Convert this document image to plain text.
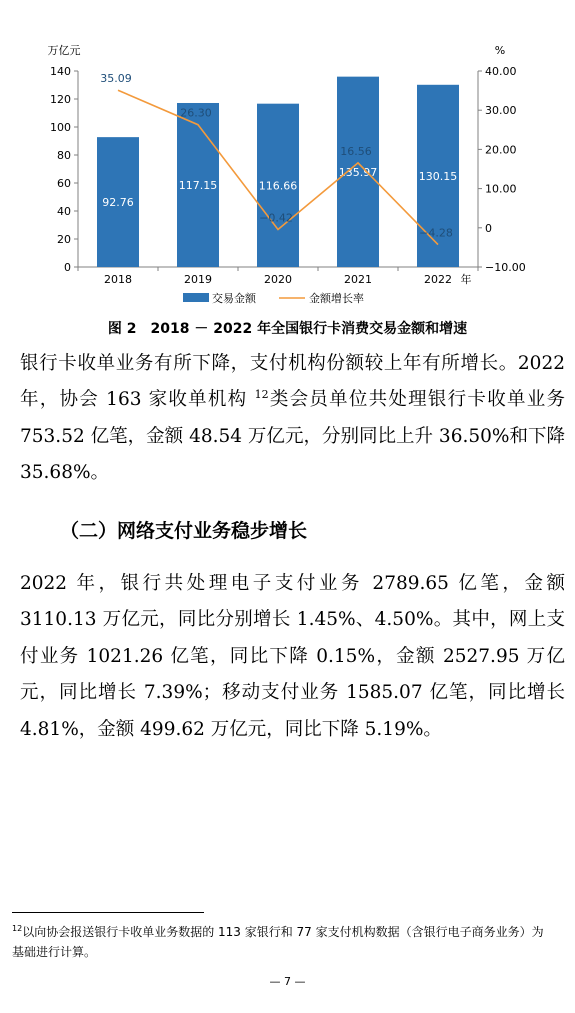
万亿元	%
0
20
40
60
80
100
120
140
−10.00
0
10.00
20.00
30.00
40.00
92.76
117.15	116.66
135.97	130.15
35.09
26.30
−0.42
16.56
−4.28
2018	2019	2020	2021	2022 年
交易金额	金额增长率
图 2　2018 － 2022 年全国银行卡消费交易金额和增速

银行卡收单业务有所下降，支付机构份额较上年有所增长。2022 年，协会 163 家收单机构 $^{12}$类会员单位共处理银行卡收单业务 753.52 亿笔，金额 48.54 万亿元，分别同比上升 36.50%和下降 35.68%。

（二）网络支付业务稳步增长

2022 年，银行共处理电子支付业务 2789.65 亿笔，金额 3110.13 万亿元，同比分别增长 1.45%、4.50%。其中，网上支付业务 1021.26 亿笔，同比下降 0.15%，金额 2527.95 万亿元，同比增长 7.39%；移动支付业务 1585.07 亿笔，同比增长 4.81%，金额 499.62 万亿元，同比下降 5.19%。

$^{12}$以向协会报送银行卡收单业务数据的 113 家银行和 77 家支付机构数据（含银行电子商务业务）为基础进行计算。

— 7 —
